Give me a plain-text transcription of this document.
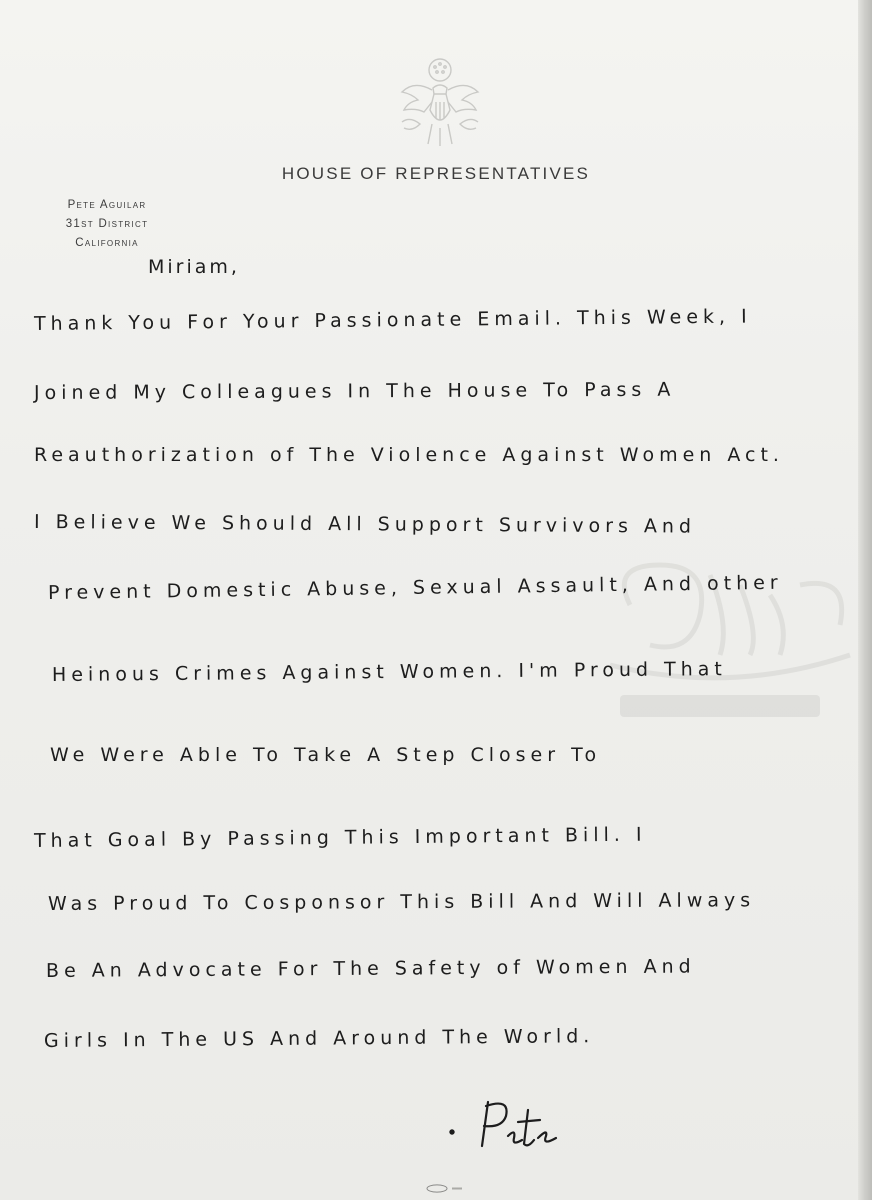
HOUSE OF REPRESENTATIVES
Pete Aguilar
31st District
California
Miriam,
Thank You For Your Passionate Email. This Week, I
Joined My Colleagues In The House To Pass A
Reauthorization of The Violence Against Women Act.
I Believe We Should All Support Survivors And
Prevent Domestic Abuse, Sexual Assault, And other
Heinous Crimes Against Women. I'm Proud That
We Were Able To Take A Step Closer To
That Goal By Passing This Important Bill. I
Was Proud To Cosponsor This Bill And Will Always
Be An Advocate For The Safety of Women And
Girls In The US And Around The World.
